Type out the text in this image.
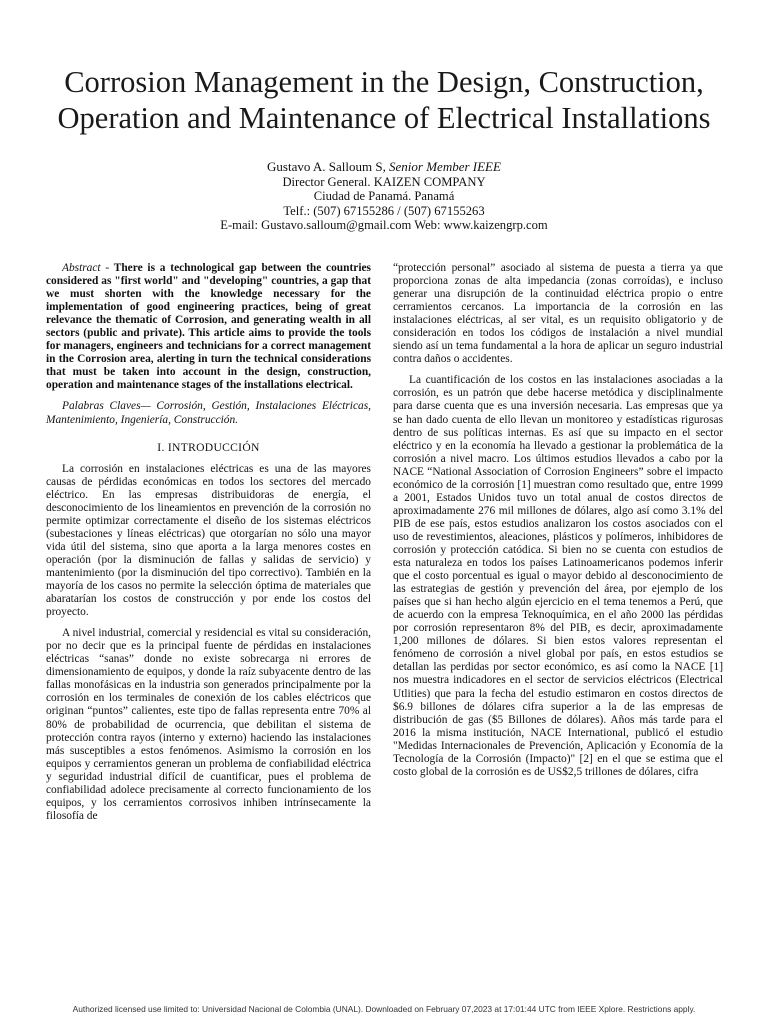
Corrosion Management in the Design, Construction, Operation and Maintenance of Electrical Installations
Gustavo A. Salloum S, Senior Member IEEE
Director General. KAIZEN COMPANY
Ciudad de Panamá. Panamá
Telf.: (507) 67155286 / (507) 67155263
E-mail: Gustavo.salloum@gmail.com Web: www.kaizengrp.com

Abstract - There is a technological gap between the countries considered as "first world" and "developing" countries, a gap that we must shorten with the knowledge necessary for the implementation of good engineering practices, being of great relevance the thematic of Corrosion, and generating wealth in all sectors (public and private). This article aims to provide the tools for managers, engineers and technicians for a correct management in the Corrosion area, alerting in turn the technical considerations that must be taken into account in the design, construction, operation and maintenance stages of the installations electrical.

Palabras Claves— Corrosión, Gestión, Instalaciones Eléctricas, Mantenimiento, Ingeniería, Construcción.

I. INTRODUCCIÓN

La corrosión en instalaciones eléctricas es una de las mayores causas de pérdidas económicas en todos los sectores del mercado eléctrico. En las empresas distribuidoras de energía, el desconocimiento de los lineamientos en prevención de la corrosión no permite optimizar correctamente el diseño de los sistemas eléctricos (subestaciones y líneas eléctricas) que otorgarían no sólo una mayor vida útil del sistema, sino que aporta a la larga menores costes en operación (por la disminución de fallas y salidas de servicio) y mantenimiento (por la disminución del tipo correctivo). También en la mayoría de los casos no permite la selección óptima de materiales que abaratarían los costos de construcción y por ende los costos del proyecto.

A nivel industrial, comercial y residencial es vital su consideración, por no decir que es la principal fuente de pérdidas en instalaciones eléctricas “sanas” donde no existe sobrecarga ni errores de dimensionamiento de equipos, y donde la raíz subyacente dentro de las fallas monofásicas en la industria son generados principalmente por la corrosión en los terminales de conexión de los cables eléctricos que originan “puntos” calientes, este tipo de fallas representa entre 70% al 80% de probabilidad de ocurrencia, que debilitan el sistema de protección contra rayos (interno y externo) haciendo las instalaciones más susceptibles a estos fenómenos. Asimismo la corrosión en los equipos y cerramientos generan un problema de confiabilidad eléctrica y seguridad industrial difícil de cuantificar, pues el problema de confiabilidad adolece precisamente al correcto funcionamiento de los equipos, y los cerramientos corrosivos inhiben intrínsecamente la filosofía de

“protección personal” asociado al sistema de puesta a tierra ya que proporciona zonas de alta impedancia (zonas corroídas), e incluso generar una disrupción de la continuidad eléctrica propio o entre cerramientos cercanos. La importancia de la corrosión en las instalaciones eléctricas, al ser vital, es un requisito obligatorio y de consideración en todos los códigos de instalación a nivel mundial siendo así un tema fundamental a la hora de aplicar un seguro industrial contra daños o accidentes.

La cuantificación de los costos en las instalaciones asociadas a la corrosión, es un patrón que debe hacerse metódica y disciplinalmente para darse cuenta que es una inversión necesaria. Las empresas que ya se han dado cuenta de ello llevan un monitoreo y estadísticas rigurosas dentro de sus políticas internas. Es así que su impacto en el sector eléctrico y en la economía ha llevado a gestionar la problemática de la corrosión a nivel macro. Los últimos estudios llevados a cabo por la NACE “National Association of Corrosion Engineers” sobre el impacto económico de la corrosión [1] muestran como resultado que, entre 1999 a 2001, Estados Unidos tuvo un total anual de costos directos de aproximadamente 276 mil millones de dólares, algo así como 3.1% del PIB de ese país, estos estudios analizaron los costos asociados con el uso de revestimientos, aleaciones, plásticos y polímeros, inhibidores de corrosión y protección catódica. Si bien no se cuenta con estudios de esta naturaleza en todos los países Latinoamericanos podemos inferir que el costo porcentual es igual o mayor debido al desconocimiento de las estrategias de gestión y prevención del área, por ejemplo de los países que si han hecho algún ejercicio en el tema tenemos a Perú, que de acuerdo con la empresa Teknoquímica, en el año 2000 las pérdidas por corrosión representaron 8% del PIB, es decir, aproximadamente 1,200 millones de dólares. Si bien estos valores representan el fenómeno de corrosión a nivel global por país, en estos estudios se detallan las perdidas por sector económico, es así como la NACE [1] nos muestra indicadores en el sector de servicios eléctricos (Electrical Utlities) que para la fecha del estudio estimaron en costos directos de $6.9 billones de dólares cifra superior a la de las empresas de distribución de gas ($5 Billones de dólares). Años más tarde para el 2016 la misma institución, NACE International, publicó el estudio "Medidas Internacionales de Prevención, Aplicación y Economía de la Tecnología de la Corrosión (Impacto)" [2] en el que se estima que el costo global de la corrosión es de US$2,5 trillones de dólares, cifra

Authorized licensed use limited to: Universidad Nacional de Colombia (UNAL). Downloaded on February 07,2023 at 17:01:44 UTC from IEEE Xplore. Restrictions apply.
